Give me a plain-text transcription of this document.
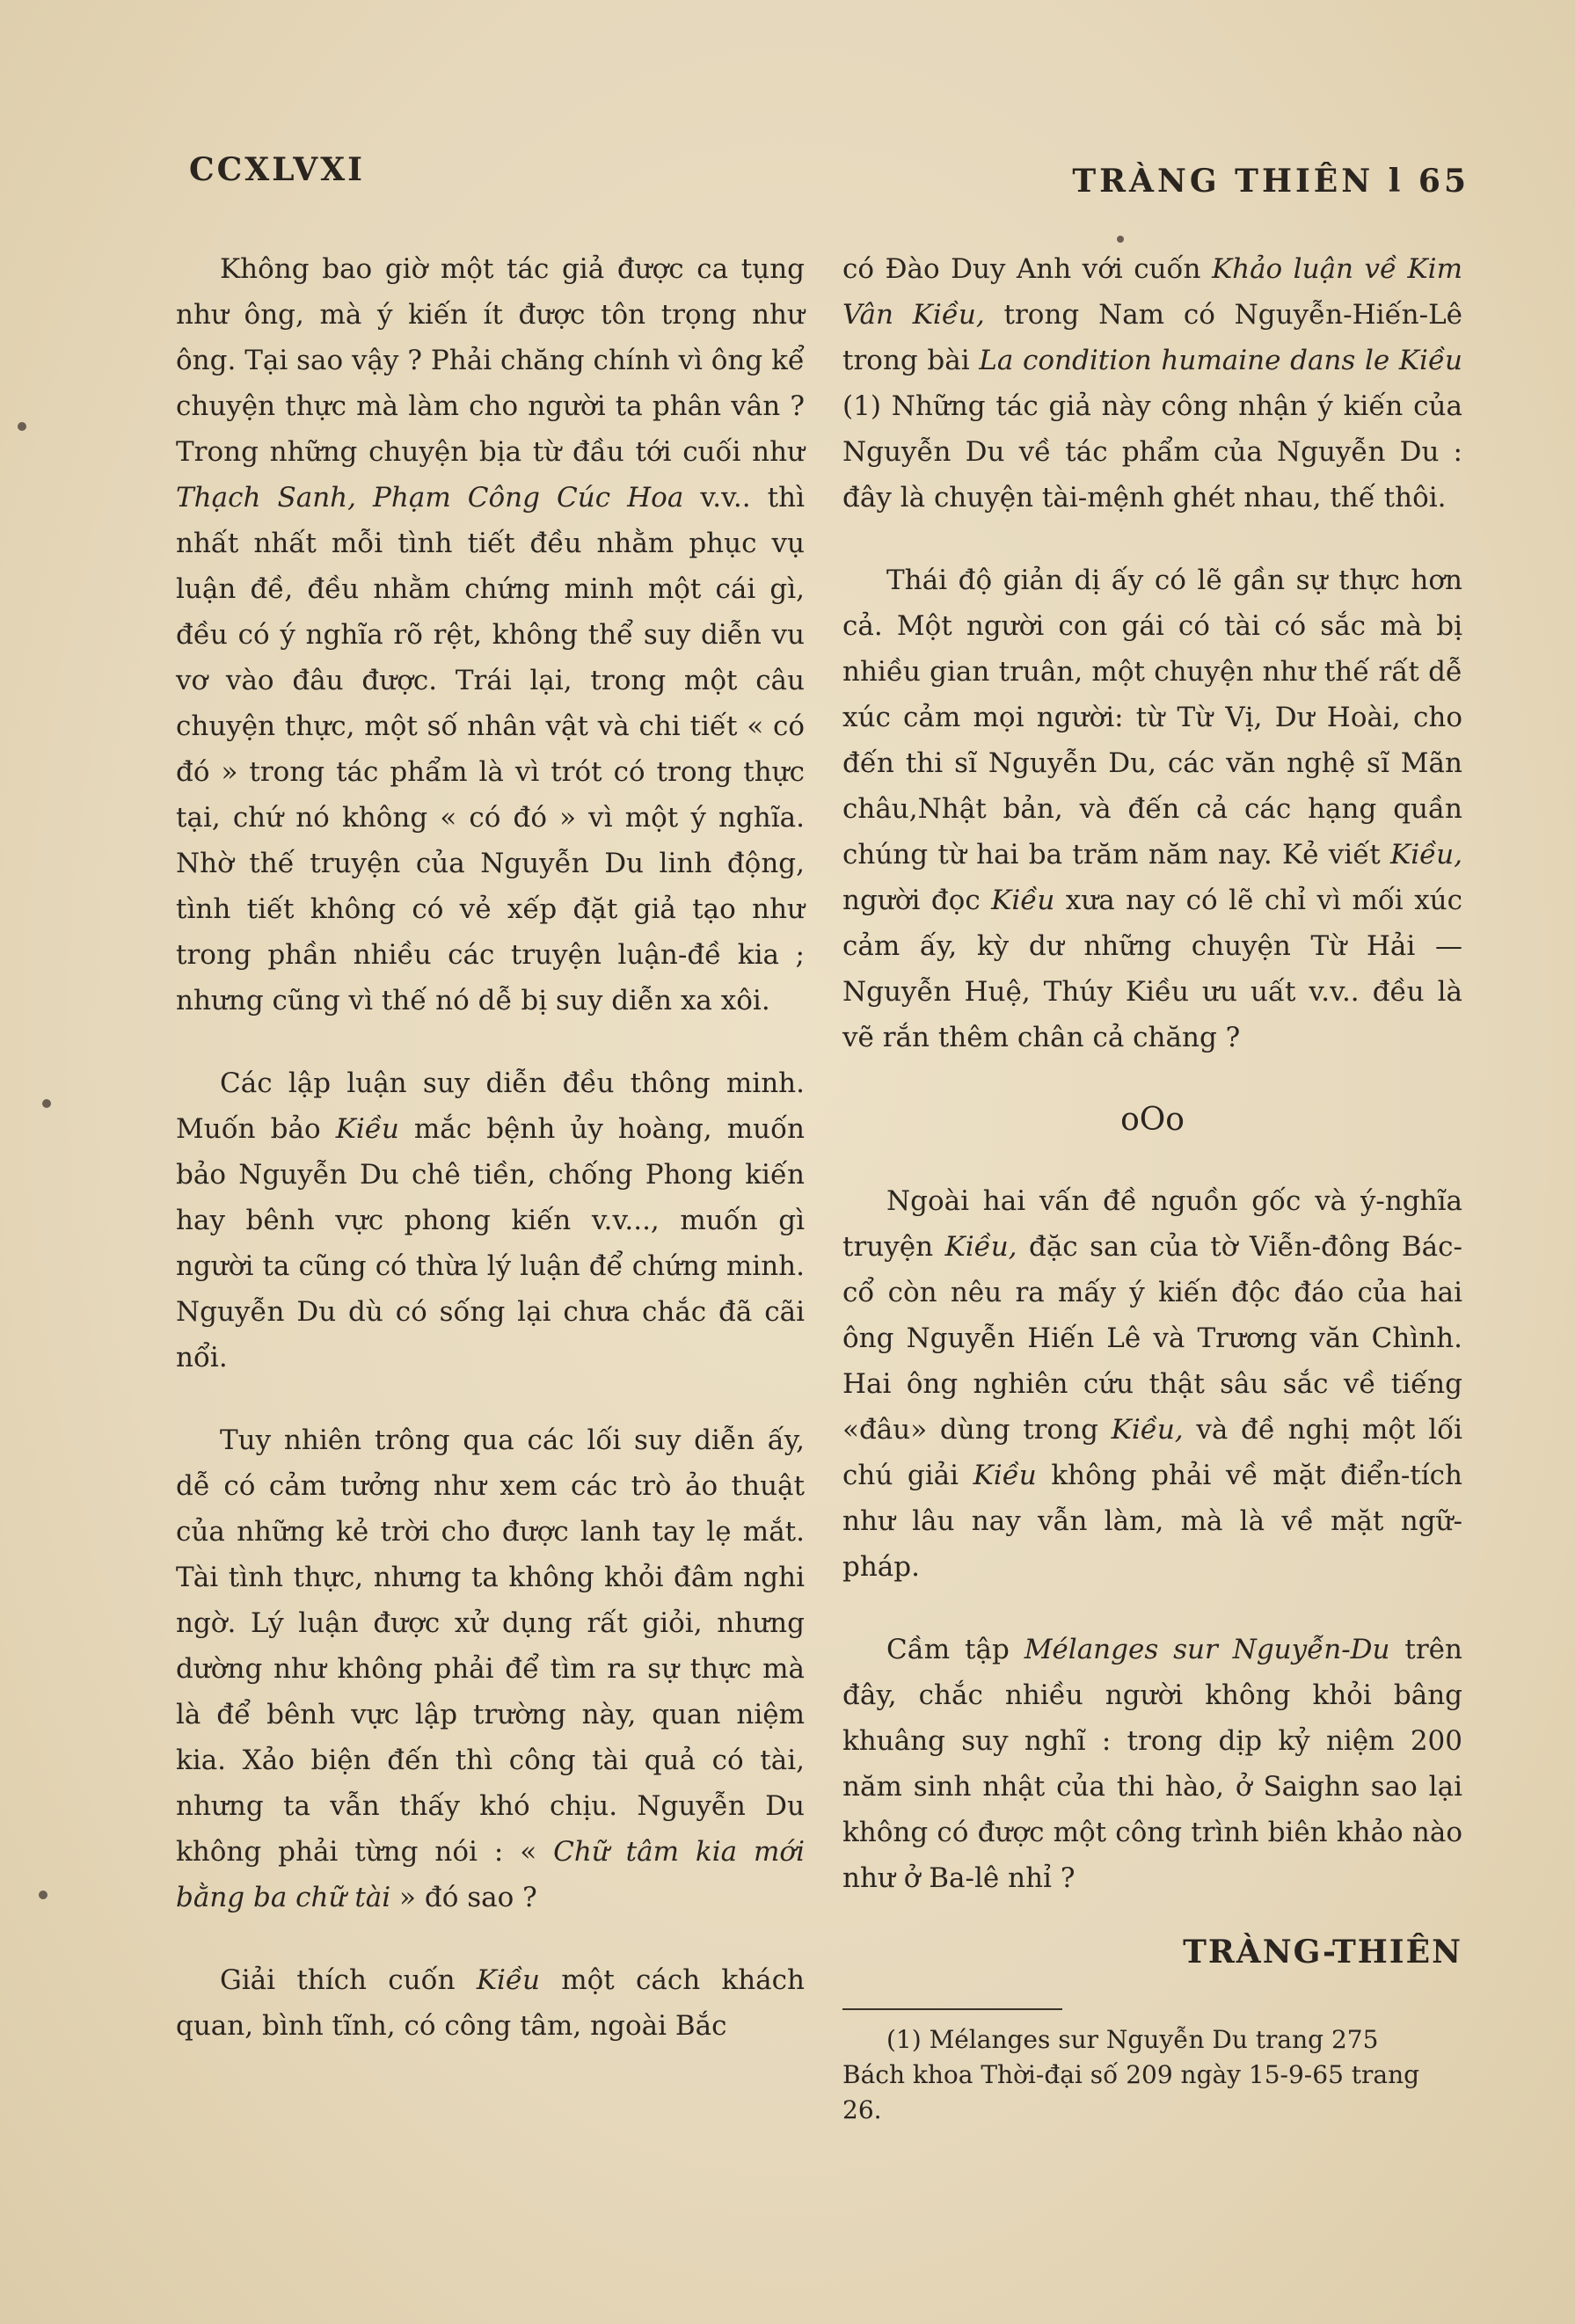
CCXLVXI	TRÀNG THIÊN l 65

Không bao giờ một tác giả được ca tụng như ông, mà ý kiến ít được tôn trọng như ông. Tại sao vậy ? Phải chăng chính vì ông kể chuyện thực mà làm cho người ta phân vân ? Trong những chuyện bịa từ đầu tới cuối như Thạch Sanh, Phạm Công Cúc Hoa v.v.. thì nhất nhất mỗi tình tiết đều nhằm phục vụ luận đề, đều nhằm chứng minh một cái gì, đều có ý nghĩa rõ rệt, không thể suy diễn vu vơ vào đâu được. Trái lại, trong một câu chuyện thực, một số nhân vật và chi tiết « có đó » trong tác phẩm là vì trót có trong thực tại, chứ nó không « có đó » vì một ý nghĩa. Nhờ thế truyện của Nguyễn Du linh động, tình tiết không có vẻ xếp đặt giả tạo như trong phần nhiều các truyện luận-đề kia ; nhưng cũng vì thế nó dễ bị suy diễn xa xôi.

Các lập luận suy diễn đều thông minh. Muốn bảo Kiều mắc bệnh ủy hoàng, muốn bảo Nguyễn Du chê tiền, chống Phong kiến hay bênh vực phong kiến v.v..., muốn gì người ta cũng có thừa lý luận để chứng minh. Nguyễn Du dù có sống lại chưa chắc đã cãi nổi.

Tuy nhiên trông qua các lối suy diễn ấy, dễ có cảm tưởng như xem các trò ảo thuật của những kẻ trời cho được lanh tay lẹ mắt. Tài tình thực, nhưng ta không khỏi đâm nghi ngờ. Lý luận được xử dụng rất giỏi, nhưng dường như không phải để tìm ra sự thực mà là để bênh vực lập trường này, quan niệm kia. Xảo biện đến thì công tài quả có tài, nhưng ta vẫn thấy khó chịu. Nguyễn Du không phải từng nói : « Chữ tâm kia mới bằng ba chữ tài » đó sao ?

Giải thích cuốn Kiều một cách khách quan, bình tĩnh, có công tâm, ngoài Bắc

có Đào Duy Anh với cuốn Khảo luận về Kim Vân Kiều, trong Nam có Nguyễn-Hiến-Lê trong bài La condition humaine dans le Kiều (1) Những tác giả này công nhận ý kiến của Nguyễn Du về tác phẩm của Nguyễn Du : đây là chuyện tài-mệnh ghét nhau, thế thôi.

Thái độ giản dị ấy có lẽ gần sự thực hơn cả. Một người con gái có tài có sắc mà bị nhiều gian truân, một chuyện như thế rất dễ xúc cảm mọi người: từ Từ Vị, Dư Hoài, cho đến thi sĩ Nguyễn Du, các văn nghệ sĩ Mãn châu,Nhật bản, và đến cả các hạng quần chúng từ hai ba trăm năm nay. Kẻ viết Kiều, người đọc Kiều xưa nay có lẽ chỉ vì mối xúc cảm ấy, kỳ dư những chuyện Từ Hải — Nguyễn Huệ, Thúy Kiều ưu uất v.v.. đều là vẽ rắn thêm chân cả chăng ?

oOo

Ngoài hai vấn đề nguồn gốc và ý-nghĩa truyện Kiều, đặc san của tờ Viễn-đông Bác-cổ còn nêu ra mấy ý kiến độc đáo của hai ông Nguyễn Hiến Lê và Trương văn Chình. Hai ông nghiên cứu thật sâu sắc về tiếng «đâu» dùng trong Kiều, và đề nghị một lối chú giải Kiều không phải về mặt điển-tích như lâu nay vẫn làm, mà là về mặt ngữ-pháp.

Cầm tập Mélanges sur Nguyễn-Du trên đây, chắc nhiều người không khỏi bâng khuâng suy nghĩ : trong dịp kỷ niệm 200 năm sinh nhật của thi hào, ở Saighn sao lại không có được một công trình biên khảo nào như ở Ba-lê nhỉ ?

TRÀNG-THIÊN

(1) Mélanges sur Nguyễn Du trang 275
Bách khoa Thời-đại số 209 ngày 15-9-65 trang 26.
